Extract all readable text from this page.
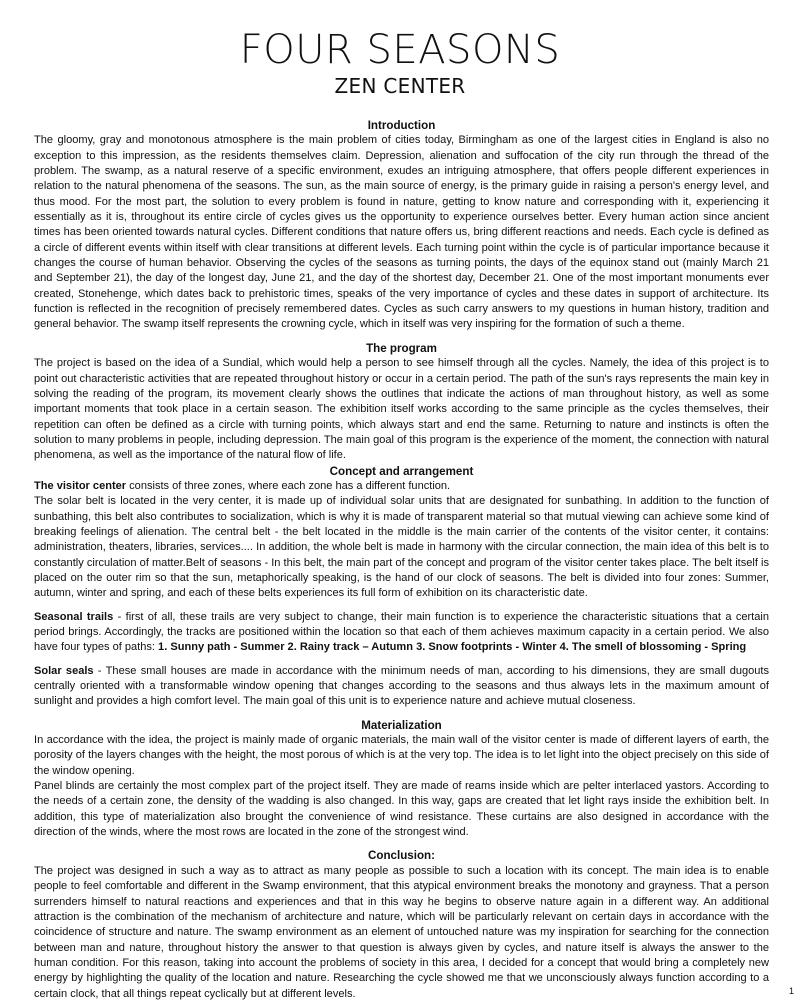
FOUR SEASONS
ZEN CENTER

Introduction

The gloomy, gray and monotonous atmosphere is the main problem of cities today, Birmingham as one of the largest cities in England is also no exception to this impression, as the residents themselves claim. Depression, alienation and suffocation of the city run through the thread of the problem. The swamp, as a natural reserve of a specific environment, exudes an intriguing atmosphere, that offers people different experiences in relation to the natural phenomena of the seasons. The sun, as the main source of energy, is the primary guide in raising a person's energy level, and thus mood. For the most part, the solution to every problem is found in nature, getting to know nature and corresponding with it, experiencing it essentially as it is, throughout its entire circle of cycles gives us the opportunity to experience ourselves better. Every human action since ancient times has been oriented towards natural cycles. Different conditions that nature offers us, bring different reactions and needs. Each cycle is defined as a circle of different events within itself with clear transitions at different levels. Each turning point within the cycle is of particular importance because it changes the course of human behavior. Observing the cycles of the seasons as turning points, the days of the equinox stand out (mainly March 21 and September 21), the day of the longest day, June 21, and the day of the shortest day, December 21. One of the most important monuments ever created, Stonehenge, which dates back to prehistoric times, speaks of the very importance of cycles and these dates in support of architecture. Its function is reflected in the recognition of precisely remembered dates. Cycles as such carry answers to my questions in human history, tradition and general behavior. The swamp itself represents the crowning cycle, which in itself was very inspiring for the formation of such a theme.

The program

The project is based on the idea of a Sundial, which would help a person to see himself through all the cycles. Namely, the idea of this project is to point out characteristic activities that are repeated throughout history or occur in a certain period. The path of the sun's rays represents the main key in solving the reading of the program, its movement clearly shows the outlines that indicate the actions of man throughout history, as well as some important moments that took place in a certain season. The exhibition itself works according to the same principle as the cycles themselves, their repetition can often be defined as a circle with turning points, which always start and end the same. Returning to nature and instincts is often the solution to many problems in people, including depression. The main goal of this program is the experience of the moment, the connection with natural phenomena, as well as the importance of the natural flow of life.

Concept and arrangement

The visitor center consists of three zones, where each zone has a different function.

The solar belt is located in the very center, it is made up of individual solar units that are designated for sunbathing. In addition to the function of sunbathing, this belt also contributes to socialization, which is why it is made of transparent material so that mutual viewing can achieve some kind of breaking feelings of alienation. The central belt - the belt located in the middle is the main carrier of the contents of the visitor center, it contains: administration, theaters, libraries, services.... In addition, the whole belt is made in harmony with the circular connection, the main idea of this belt is to constantly circulation of matter.Belt of seasons - In this belt, the main part of the concept and program of the visitor center takes place. The belt itself is placed on the outer rim so that the sun, metaphorically speaking, is the hand of our clock of seasons. The belt is divided into four zones: Summer, autumn, winter and spring, and each of these belts experiences its full form of exhibition on its characteristic date.

Seasonal trails - first of all, these trails are very subject to change, their main function is to experience the characteristic situations that a certain period brings. Accordingly, the tracks are positioned within the location so that each of them achieves maximum capacity in a certain period. We also have four types of paths: 1. Sunny path - Summer 2. Rainy track – Autumn 3. Snow footprints - Winter 4. The smell of blossoming - Spring

Solar seals - These small houses are made in accordance with the minimum needs of man, according to his dimensions, they are small dugouts centrally oriented with a transformable window opening that changes according to the seasons and thus always lets in the maximum amount of sunlight and provides a high comfort level. The main goal of this unit is to experience nature and achieve mutual closeness.

Materialization

In accordance with the idea, the project is mainly made of organic materials, the main wall of the visitor center is made of different layers of earth, the porosity of the layers changes with the height, the most porous of which is at the very top. The idea is to let light into the object precisely on this side of the window opening.

Panel blinds are certainly the most complex part of the project itself. They are made of reams inside which are pelter interlaced yastors. According to the needs of a certain zone, the density of the wadding is also changed. In this way, gaps are created that let light rays inside the exhibition belt. In addition, this type of materialization also brought the convenience of wind resistance. These curtains are also designed in accordance with the direction of the winds, where the most rows are located in the zone of the strongest wind.

Conclusion:

The project was designed in such a way as to attract as many people as possible to such a location with its concept. The main idea is to enable people to feel comfortable and different in the Swamp environment, that this atypical environment breaks the monotony and grayness. That a person surrenders himself to natural reactions and experiences and that in this way he begins to observe nature again in a different way. An additional attraction is the combination of the mechanism of architecture and nature, which will be particularly relevant on certain days in accordance with the coincidence of structure and nature. The swamp environment as an element of untouched nature was my inspiration for searching for the connection between man and nature, throughout history the answer to that question is always given by cycles, and nature itself is always the answer to the human condition. For this reason, taking into account the problems of society in this area, I decided for a concept that would bring a completely new energy by highlighting the quality of the location and nature. Researching the cycle showed me that we unconsciously always function according to a certain clock, that all things repeat cyclically but at different levels.	1
